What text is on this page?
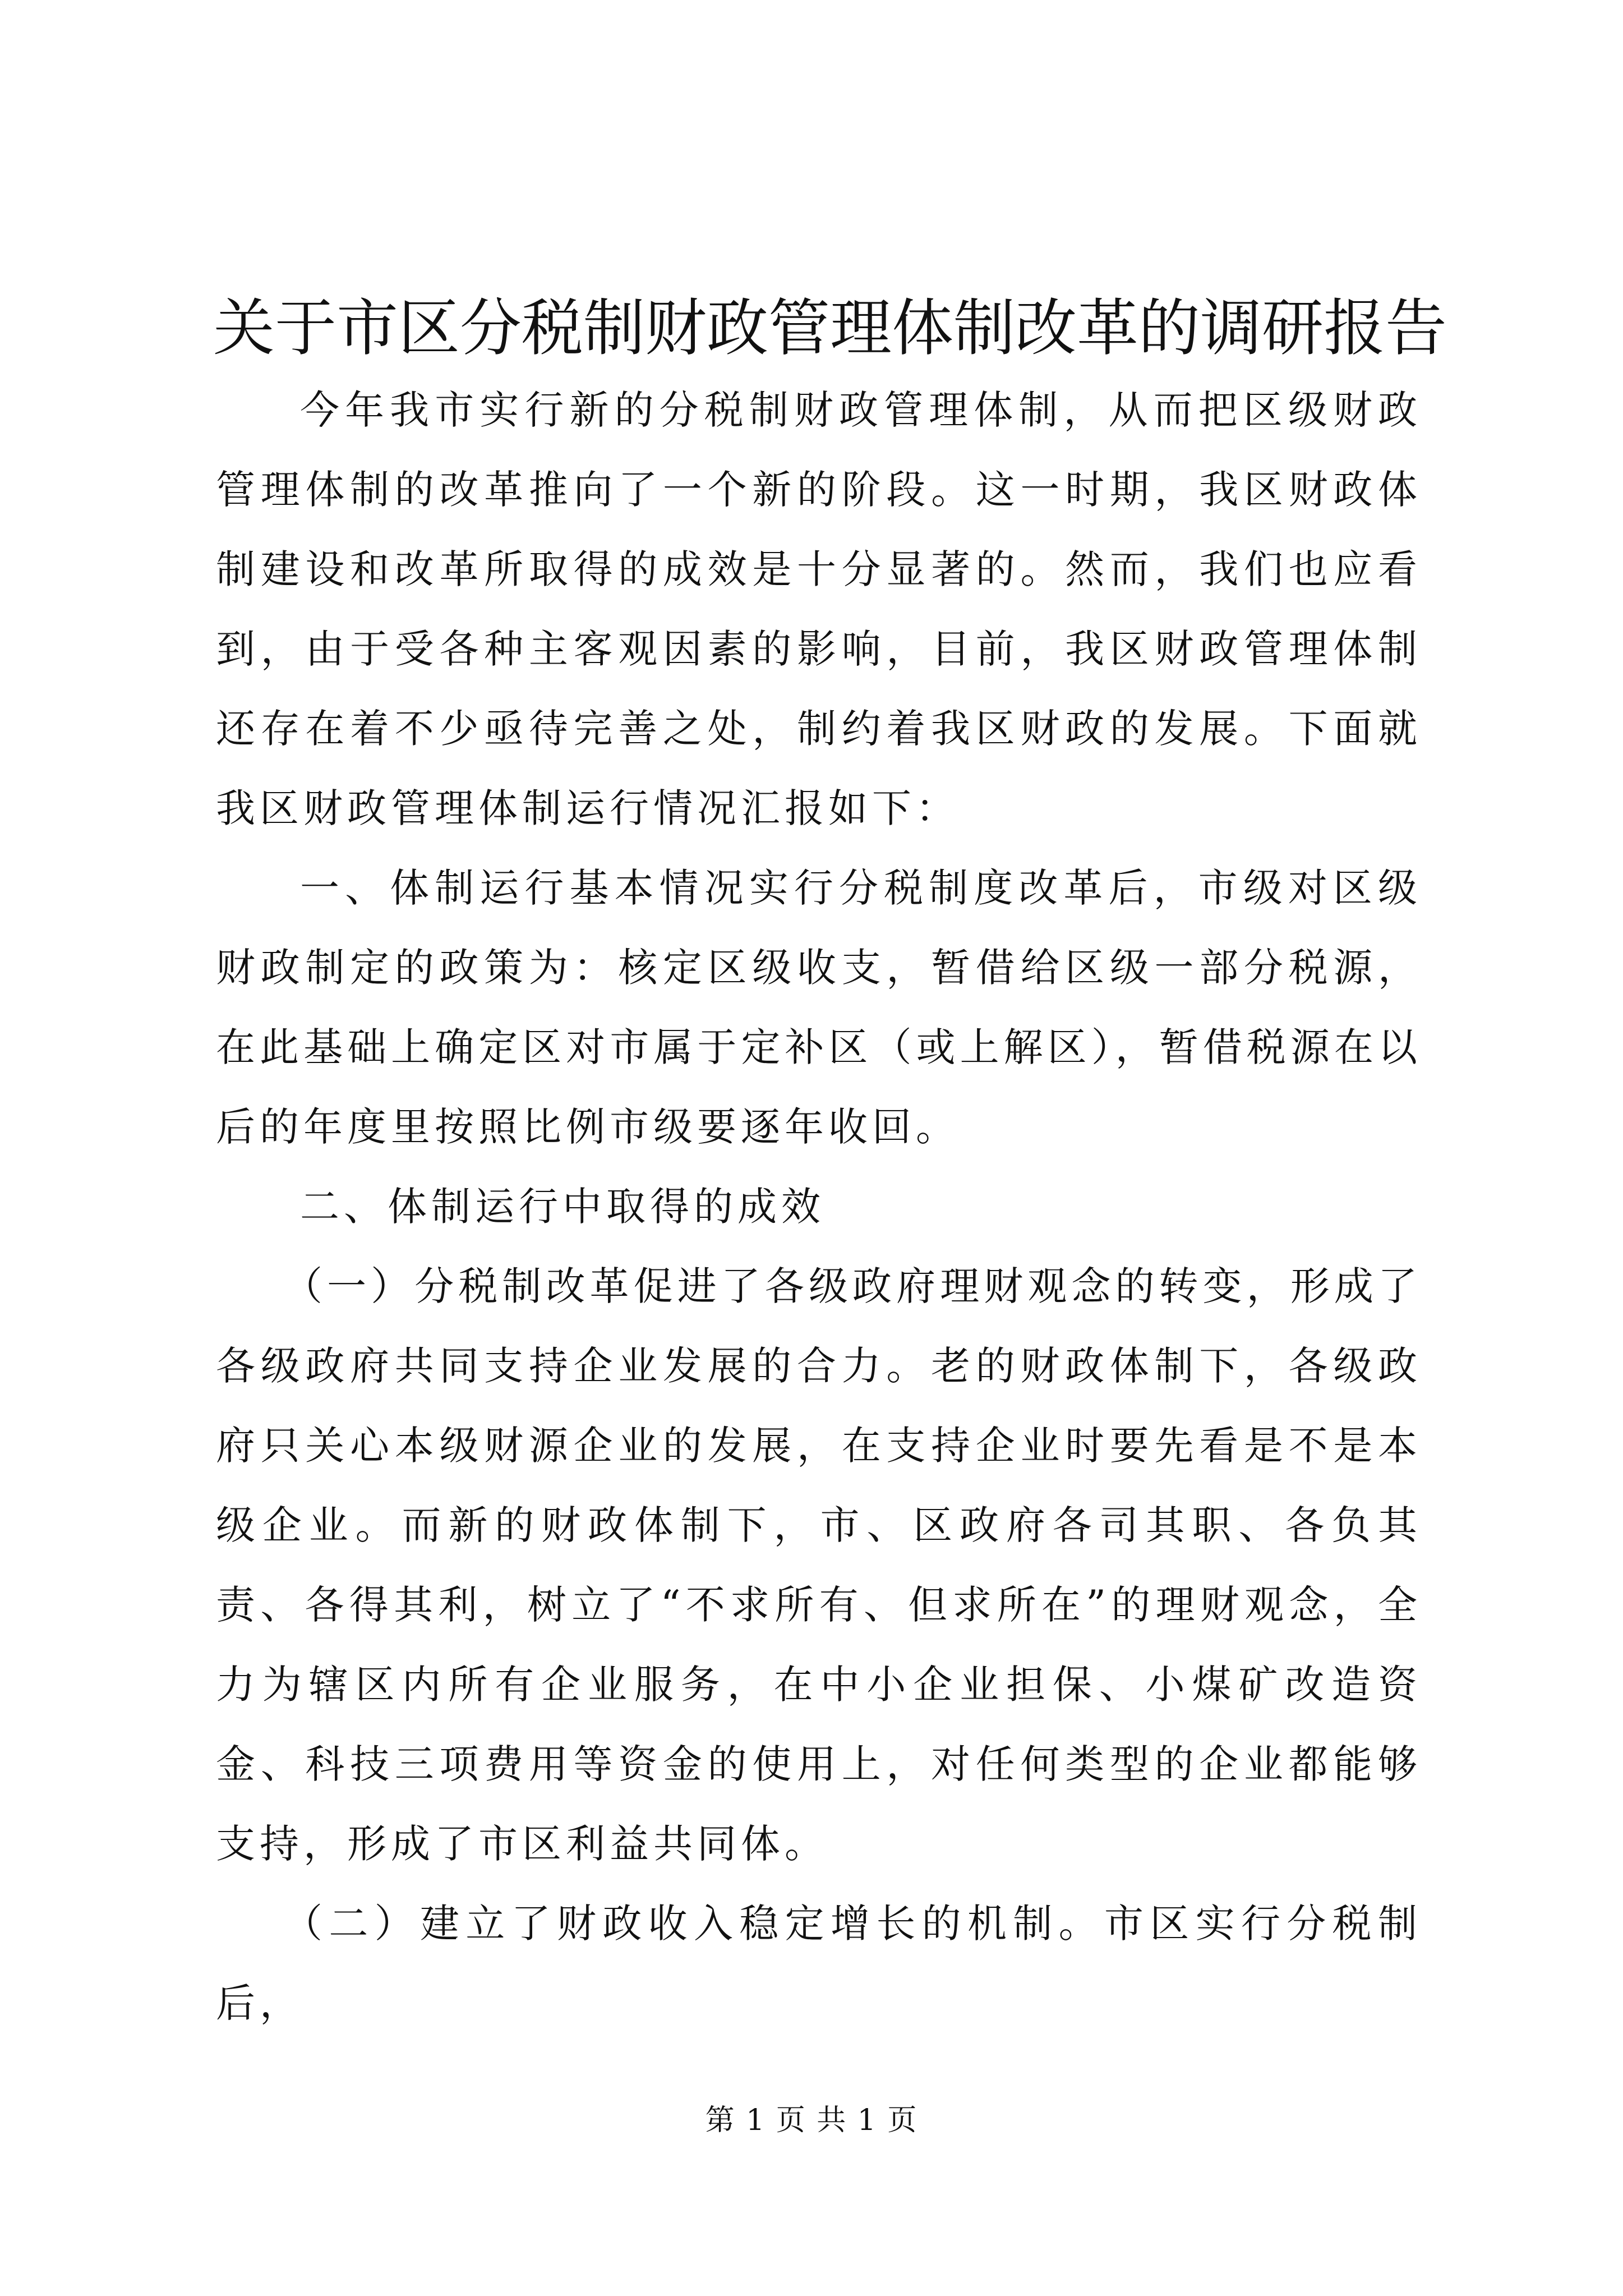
关于市区分税制财政管理体制改革的调研报告

今年我市实行新的分税制财政管理体制，从而把区级财政管理体制的改革推向了一个新的阶段。这一时期，我区财政体制建设和改革所取得的成效是十分显著的。然而，我们也应看到，由于受各种主客观因素的影响，目前，我区财政管理体制还存在着不少亟待完善之处，制约着我区财政的发展。下面就我区财政管理体制运行情况汇报如下：

一、体制运行基本情况实行分税制度改革后，市级对区级财政制定的政策为：核定区级收支，暂借给区级一部分税源，在此基础上确定区对市属于定补区（或上解区），暂借税源在以后的年度里按照比例市级要逐年收回。

二、体制运行中取得的成效

（一）分税制改革促进了各级政府理财观念的转变，形成了各级政府共同支持企业发展的合力。老的财政体制下，各级政府只关心本级财源企业的发展，在支持企业时要先看是不是本级企业。而新的财政体制下，市、区政府各司其职、各负其责、各得其利，树立了“不求所有、但求所在”的理财观念，全力为辖区内所有企业服务，在中小企业担保、小煤矿改造资金、科技三项费用等资金的使用上，对任何类型的企业都能够支持，形成了市区利益共同体。

（二）建立了财政收入稳定增长的机制。市区实行分税制后，

第 1 页 共 1 页
